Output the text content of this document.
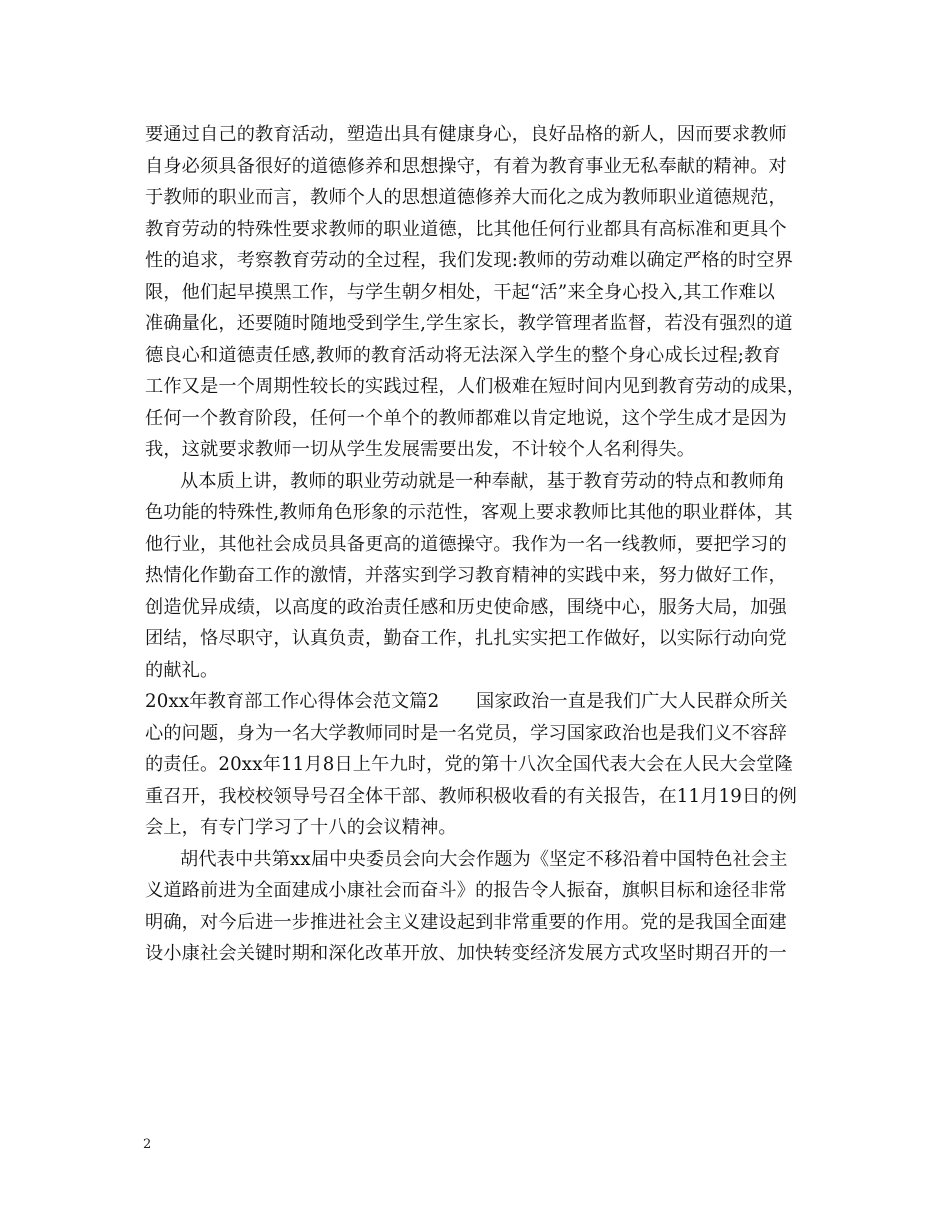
要通过自己的教育活动，塑造出具有健康身心，良好品格的新人，因而要求教师
自身必须具备很好的道德修养和思想操守，有着为教育事业无私奉献的精神。对
于教师的职业而言，教师个人的思想道德修养大而化之成为教师职业道德规范，
教育劳动的特殊性要求教师的职业道德，比其他任何行业都具有高标准和更具个
性的追求，考察教育劳动的全过程，我们发现:教师的劳动难以确定严格的时空界
限，他们起早摸黑工作，与学生朝夕相处，干起“活”来全身心投入,其工作难以
准确量化，还要随时随地受到学生,学生家长，教学管理者监督，若没有强烈的道
德良心和道德责任感,教师的教育活动将无法深入学生的整个身心成长过程;教育
工作又是一个周期性较长的实践过程，人们极难在短时间内见到教育劳动的成果，
任何一个教育阶段，任何一个单个的教师都难以肯定地说，这个学生成才是因为
我，这就要求教师一切从学生发展需要出发，不计较个人名利得失。
从本质上讲，教师的职业劳动就是一种奉献，基于教育劳动的特点和教师角
色功能的特殊性,教师角色形象的示范性，客观上要求教师比其他的职业群体，其
他行业，其他社会成员具备更高的道德操守。我作为一名一线教师，要把学习的
热情化作勤奋工作的激情，并落实到学习教育精神的实践中来，努力做好工作，
创造优异成绩，以高度的政治责任感和历史使命感，围绕中心，服务大局，加强
团结，恪尽职守，认真负责，勤奋工作，扎扎实实把工作做好，以实际行动向党
的献礼。
20xx年教育部工作心得体会范文篇2　　国家政治一直是我们广大人民群众所关
心的问题，身为一名大学教师同时是一名党员，学习国家政治也是我们义不容辞
的责任。20xx年11月8日上午九时，党的第十八次全国代表大会在人民大会堂隆
重召开，我校校领导号召全体干部、教师积极收看的有关报告，在11月19日的例
会上，有专门学习了十八的会议精神。
胡代表中共第xx届中央委员会向大会作题为《坚定不移沿着中国特色社会主
义道路前进为全面建成小康社会而奋斗》的报告令人振奋，旗帜目标和途径非常
明确，对今后进一步推进社会主义建设起到非常重要的作用。党的是我国全面建
设小康社会关键时期和深化改革开放、加快转变经济发展方式攻坚时期召开的一
2
